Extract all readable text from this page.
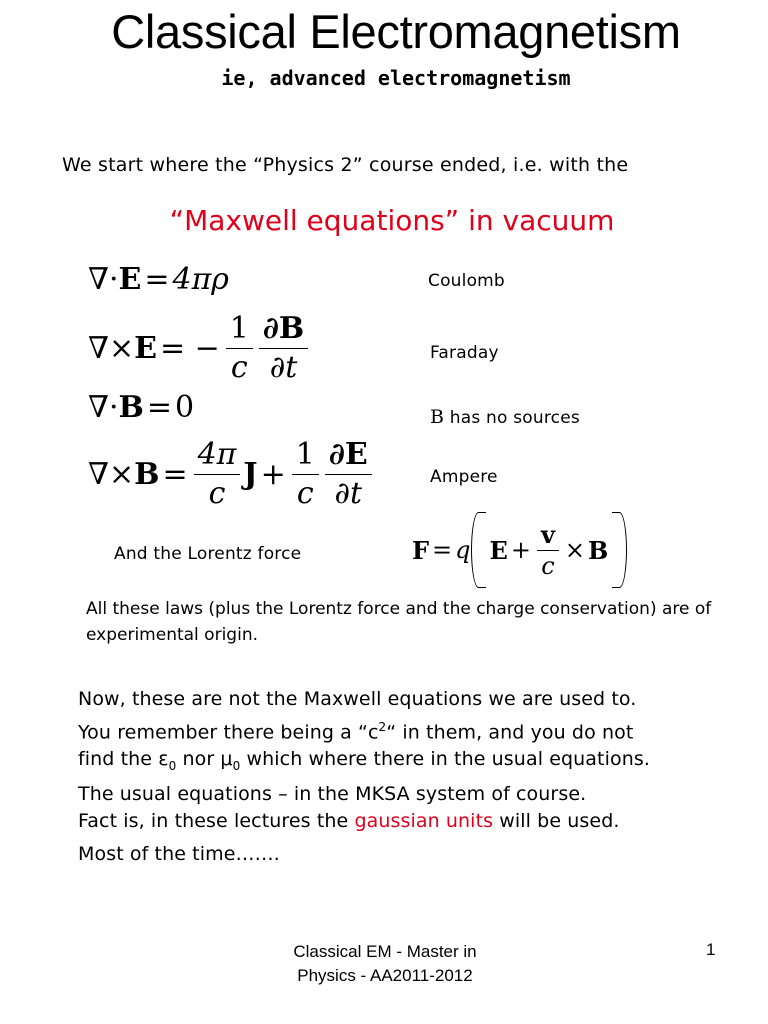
Classical Electromagnetism
ie, advanced electromagnetism
We start where the “Physics 2” course ended, i.e. with the
“Maxwell equations” in vacuum
∇· E = 4πρ	Coulomb
∇× E = − $\frac{1}{c} \frac{\partial B}{\partial t}$	Faraday
∇· B = 0	B has no sources
∇× $B = \frac{4\pi}{c}$ $J + \frac{1}{c} \frac{\partial E}{\partial t}$	Ampere
And the Lorentz force	F = q $E + \frac{v}{c} \times B$
All these laws (plus the Lorentz force and the charge conservation) are of experimental origin.
Now, these are not the Maxwell equations we are used to.
You remember there being a “$c^2“$ in them, and you do not
find the $\varepsilon_0$ nor $\mu_0$ which where there in the usual equations.
The usual equations – in the MKSA system of course.
Fact is, in these lectures the gaussian units will be used.
Most of the time…….
Classical EM - Master in
Physics - AA2011-2012
1
